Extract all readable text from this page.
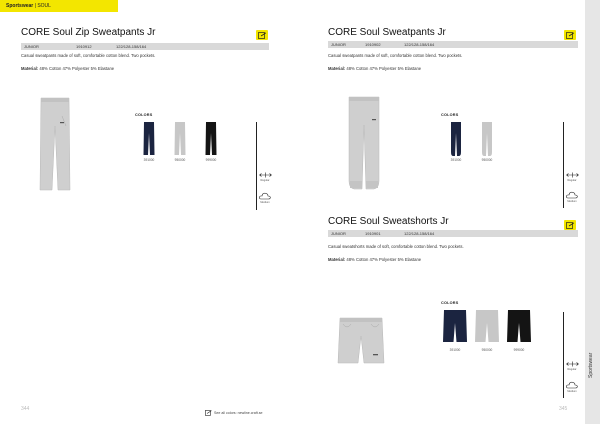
Sportswear | SOUL
CORE Soul Zip Sweatpants Jr
JUNIOR	1910912	122/128-158/164
Casual sweatpants made of soft, comfortable cotton blend. Two pockets.
Material: 48% Cotton 47% Polyester 5% Elastane
COLORS
391000	950000	999000
Regular
Medium
CORE Soul Sweatpants Jr
JUNIOR	1910902	122/128-158/164
Casual sweatpants made of soft, comfortable cotton blend. Two pockets.
Material: 48% Cotton 47% Polyester 5% Elastane
COLORS
391000	950000
Regular
Medium
CORE Soul Sweatshorts Jr
JUNIOR	1910901	122/128-158/164
Casual sweatshorts made of soft, comfortable cotton blend. Two pockets.
Material: 48% Cotton 47% Polyester 5% Elastane
COLORS
391000	950000	999000
Regular
Medium
344	345
See all colors: newline.craft.se
Sportswear
